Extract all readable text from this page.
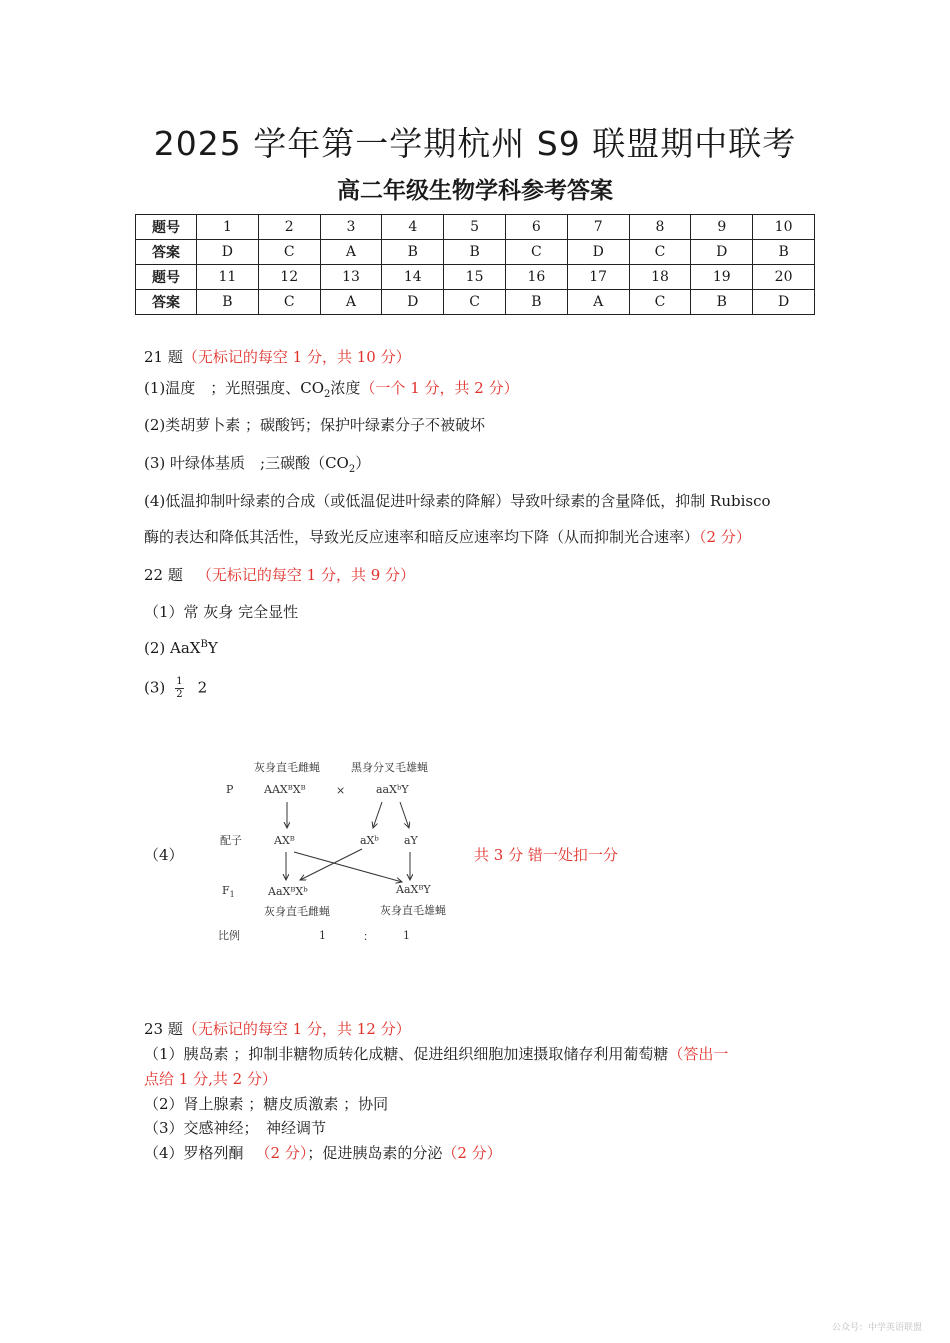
2025 学年第一学期杭州 S9 联盟期中联考
高二年级生物学科参考答案
题号	1	2	3	4	5	6	7	8	9	10
答案	D	C	A	B	B	C	D	C	D	B
题号	11	12	13	14	15	16	17	18	19	20
答案	B	C	A	D	C	B	A	C	B	D
21 题（无标记的每空 1 分，共 10 分）
(1)温度　；光照强度、$CO_2$浓度（一个 1 分，共 2 分）
(2)类胡萝卜素 ；碳酸钙；保护叶绿素分子不被破坏
(3) 叶绿体基质　;三碳酸$(CO_2)$
(4)低温抑制叶绿素的合成（或低温促进叶绿素的降解）导致叶绿素的含量降低，抑制 Rubisco
酶的表达和降低其活性，导致光反应速率和暗反应速率均下降（从而抑制光合速率）（2 分）
22 题 （无标记的每空 1 分，共 9 分）
（1）常 灰身 完全显性
(2) AaX$^B$Y
$(3) \frac{1}{2} 2$
（4）	共 3 分 错一处扣一分
灰身直毛雌蝇	黑身分叉毛雄蝇
P	AAXᴮXᴮ	×	aaXᵇY
配子	AXᴮ	aXᵇ aY
$F_1$	AaXᴮXᵇ	AaXᴮY
灰身直毛雌蝇	灰身直毛雄蝇
比例	1	：	1
23 题（无标记的每空 1 分，共 12 分）
（1）胰岛素 ；抑制非糖物质转化成糖、促进组织细胞加速摄取储存利用葡萄糖（答出一
点给 1 分,共 2 分）
（2）肾上腺素 ；糖皮质激素 ；协同
（3）交感神经；　神经调节
（4）罗格列酮 （2 分）；促进胰岛素的分泌（2 分）
公众号：中学英语联盟
